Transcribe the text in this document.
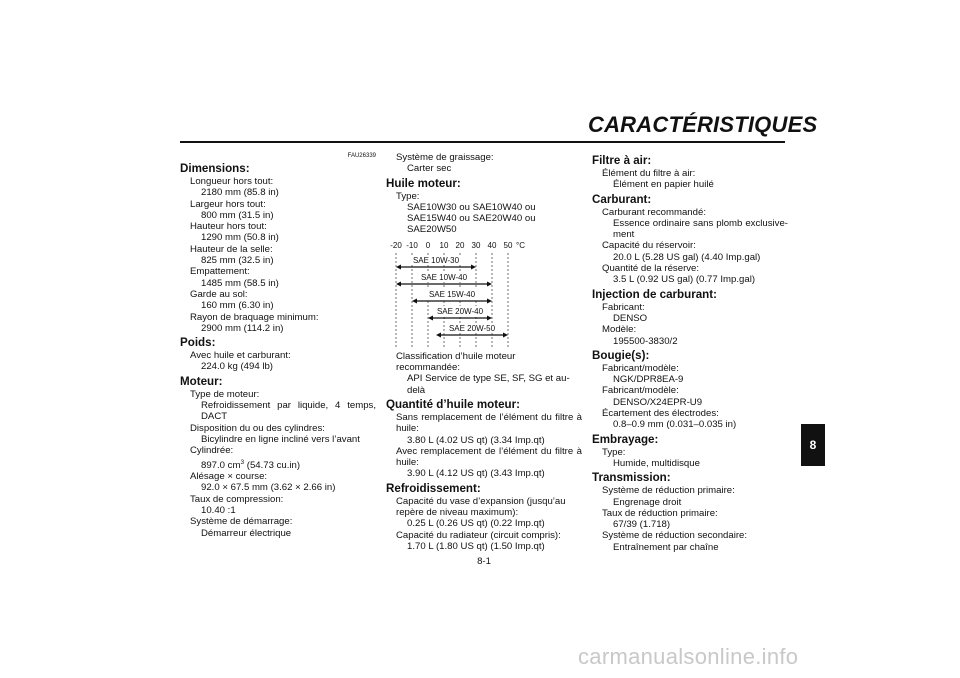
CARACTÉRISTIQUES
FAU26339
Dimensions:
Longueur hors tout:
2180 mm (85.8 in)
Largeur hors tout:
800 mm (31.5 in)
Hauteur hors tout:
1290 mm (50.8 in)
Hauteur de la selle:
825 mm (32.5 in)
Empattement:
1485 mm (58.5 in)
Garde au sol:
160 mm (6.30 in)
Rayon de braquage minimum:
2900 mm (114.2 in)
Poids:
Avec huile et carburant:
224.0 kg (494 lb)
Moteur:
Type de moteur:
Refroidissement par liquide, 4 temps, DACT
Disposition du ou des cylindres:
Bicylindre en ligne incliné vers l’avant
Cylindrée:
897.0 $cm^3$ (54.73 cu.in)
Alésage × course:
92.0 × 67.5 mm (3.62 × 2.66 in)
Taux de compression:
10.40 :1
Système de démarrage:
Démarreur électrique
Système de graissage:
Carter sec
Huile moteur:
Type:
SAE10W30 ou SAE10W40 ou SAE15W40 ou SAE20W40 ou SAE20W50
-20 -10 0 10 20 30 40 50 °C
SAE 10W-30
SAE 10W-40
SAE 15W-40
SAE 20W-40
SAE 20W-50
Classification d’huile moteur recommandée:
API Service de type SE, SF, SG et au-delà
Quantité d’huile moteur:
Sans remplacement de l’élément du filtre à huile:
3.80 L (4.02 US qt) (3.34 Imp.qt)
Avec remplacement de l’élément du filtre à huile:
3.90 L (4.12 US qt) (3.43 Imp.qt)
Refroidissement:
Capacité du vase d’expansion (jusqu’au repère de niveau maximum):
0.25 L (0.26 US qt) (0.22 Imp.qt)
Capacité du radiateur (circuit compris):
1.70 L (1.80 US qt) (1.50 Imp.qt)
Filtre à air:
Élément du filtre à air:
Élément en papier huilé
Carburant:
Carburant recommandé:
Essence ordinaire sans plomb exclusive-ment
Capacité du réservoir:
20.0 L (5.28 US gal) (4.40 Imp.gal)
Quantité de la réserve:
3.5 L (0.92 US gal) (0.77 Imp.gal)
Injection de carburant:
Fabricant:
DENSO
Modèle:
195500-3830/2
Bougie(s):
Fabricant/modèle:
NGK/DPR8EA-9
Fabricant/modèle:
DENSO/X24EPR-U9
Écartement des électrodes:
0.8–0.9 mm (0.031–0.035 in)
Embrayage:
Type:
Humide, multidisque
Transmission:
Système de réduction primaire:
Engrenage droit
Taux de réduction primaire:
67/39 (1.718)
Système de réduction secondaire:
Entraînement par chaîne
8
8-1
carmanualsonline.info
